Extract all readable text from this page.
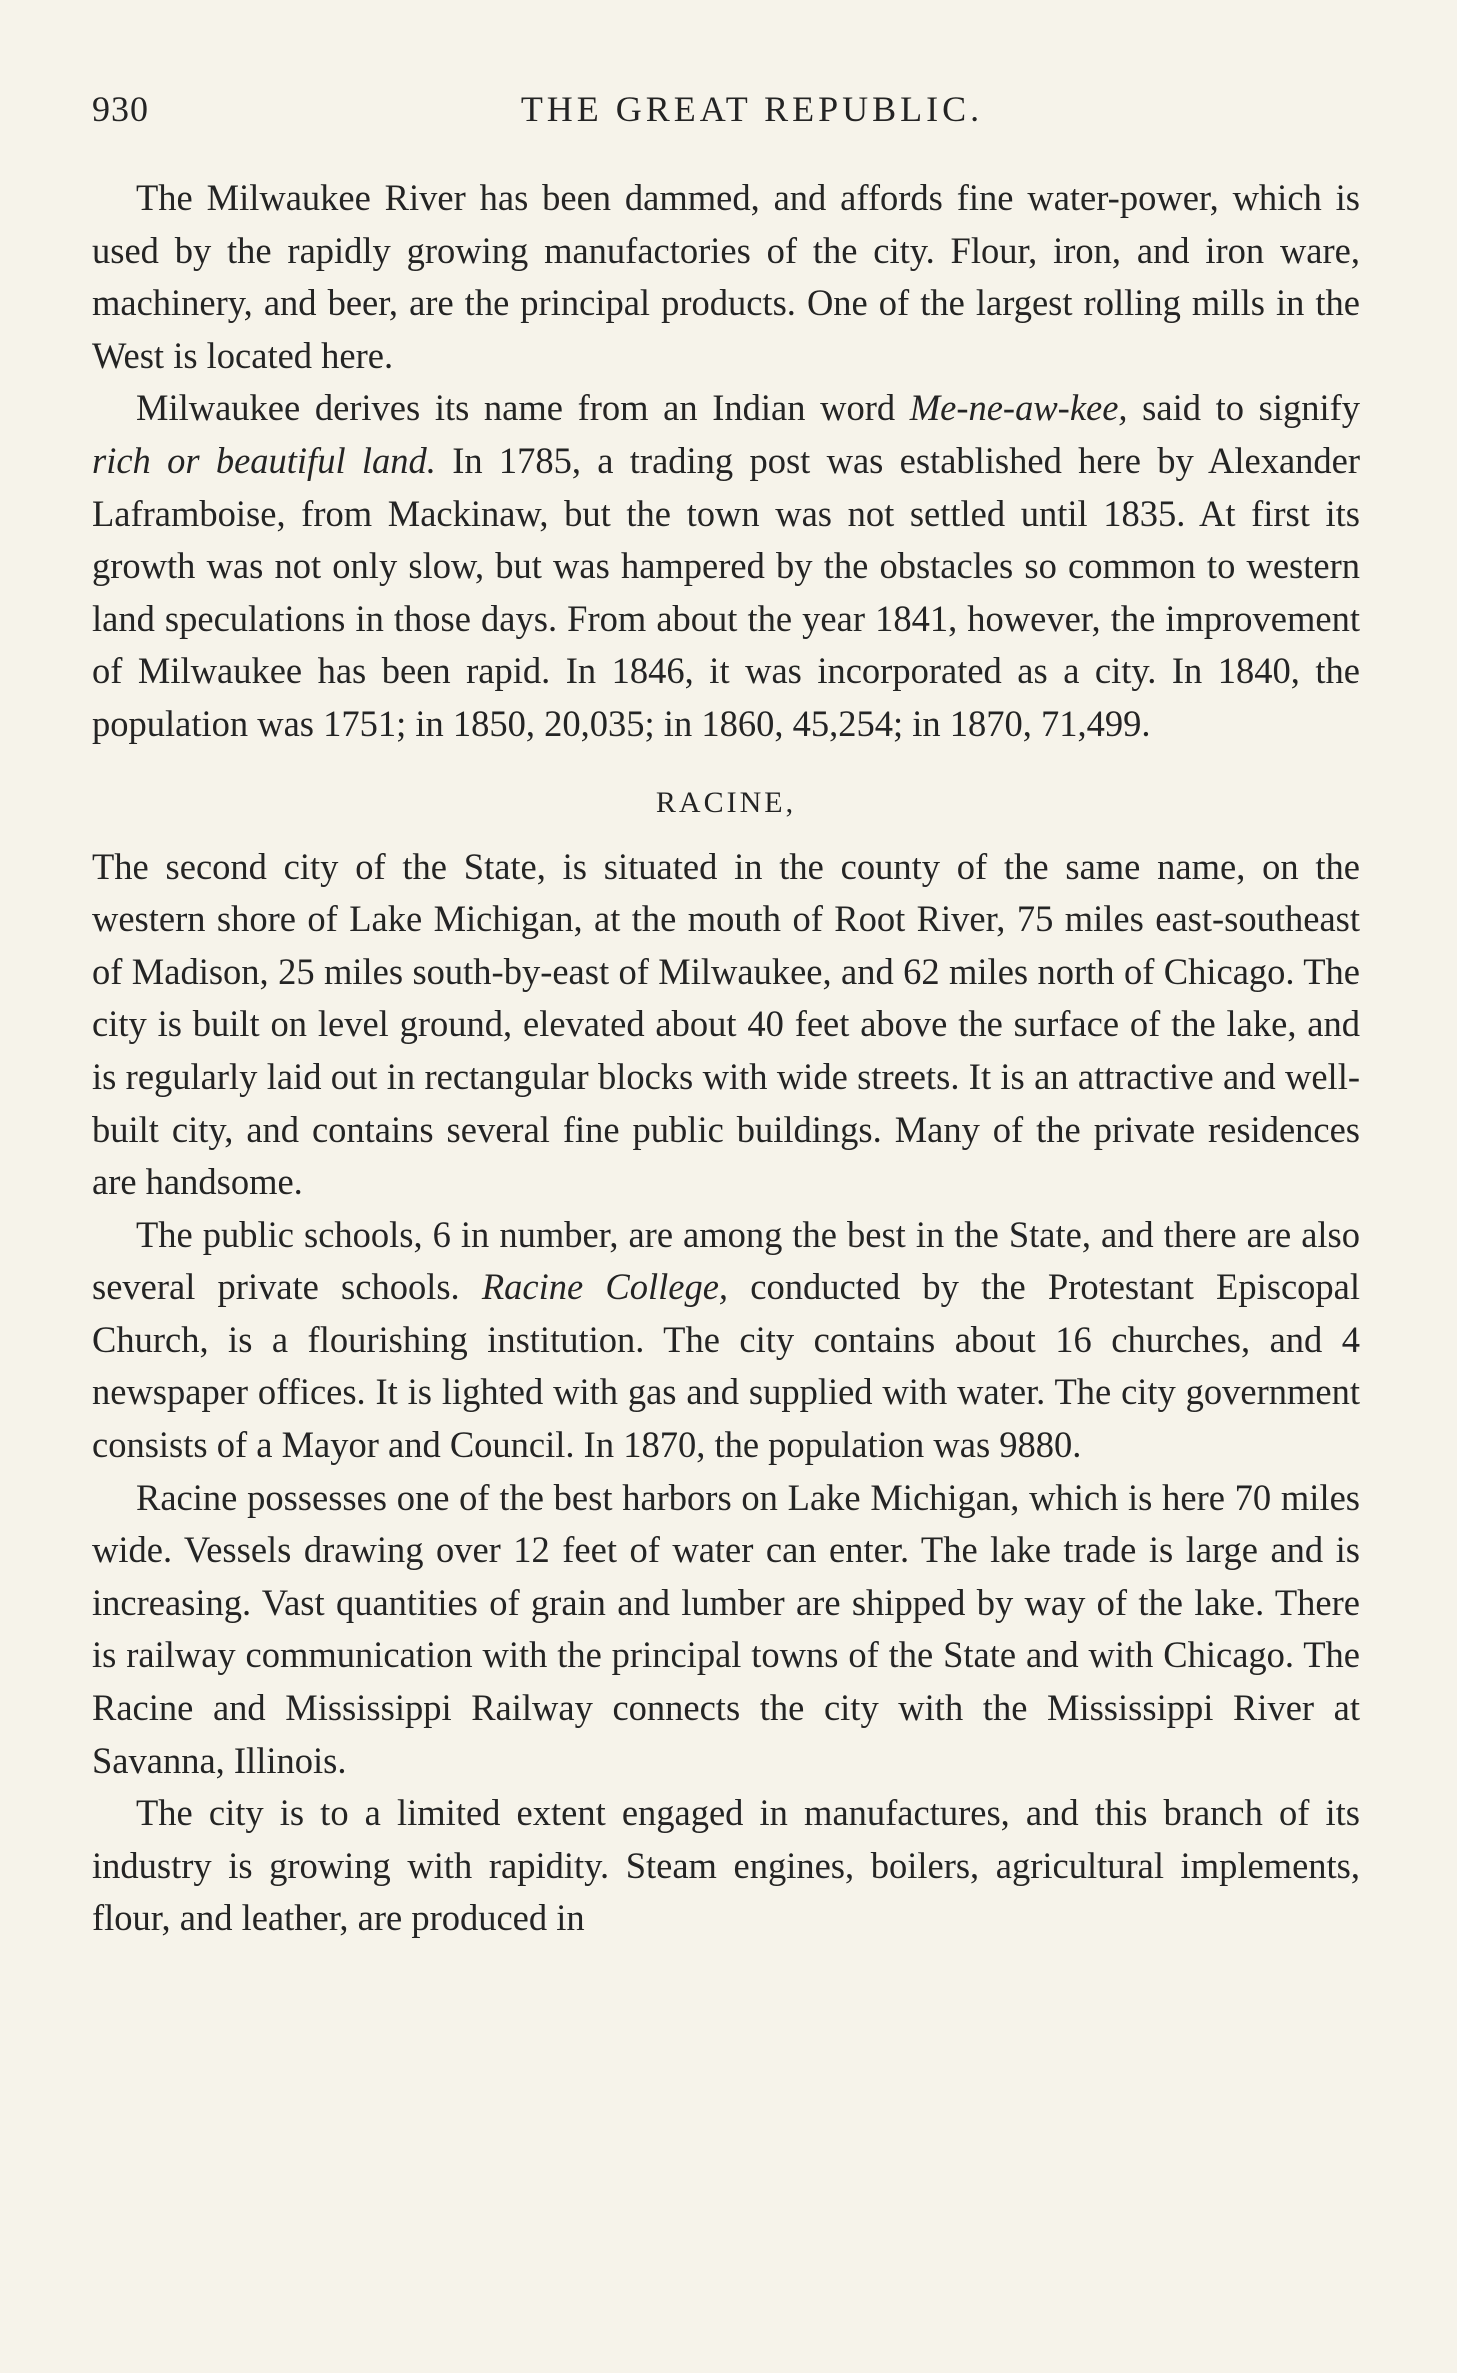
930	THE GREAT REPUBLIC.

The Milwaukee River has been dammed, and affords fine water-power, which is used by the rapidly growing manufactories of the city. Flour, iron, and iron ware, machinery, and beer, are the principal products. One of the largest rolling mills in the West is located here.

Milwaukee derives its name from an Indian word Me-ne-aw-kee, said to signify rich or beautiful land. In 1785, a trading post was established here by Alexander Laframboise, from Mackinaw, but the town was not settled until 1835. At first its growth was not only slow, but was hampered by the obstacles so common to western land speculations in those days. From about the year 1841, however, the improvement of Milwaukee has been rapid. In 1846, it was incorporated as a city. In 1840, the population was 1751; in 1850, 20,035; in 1860, 45,254; in 1870, 71,499.

RACINE,

The second city of the State, is situated in the county of the same name, on the western shore of Lake Michigan, at the mouth of Root River, 75 miles east-southeast of Madison, 25 miles south-by-east of Milwaukee, and 62 miles north of Chicago. The city is built on level ground, elevated about 40 feet above the surface of the lake, and is regularly laid out in rectangular blocks with wide streets. It is an attractive and well-built city, and contains several fine public buildings. Many of the private residences are handsome.

The public schools, 6 in number, are among the best in the State, and there are also several private schools. Racine College, conducted by the Protestant Episcopal Church, is a flourishing institution. The city contains about 16 churches, and 4 newspaper offices. It is lighted with gas and supplied with water. The city government consists of a Mayor and Council. In 1870, the population was 9880.

Racine possesses one of the best harbors on Lake Michigan, which is here 70 miles wide. Vessels drawing over 12 feet of water can enter. The lake trade is large and is increasing. Vast quantities of grain and lumber are shipped by way of the lake. There is railway communication with the principal towns of the State and with Chicago. The Racine and Mississippi Railway connects the city with the Mississippi River at Savanna, Illinois.

The city is to a limited extent engaged in manufactures, and this branch of its industry is growing with rapidity. Steam engines, boilers, agricultural implements, flour, and leather, are produced in
